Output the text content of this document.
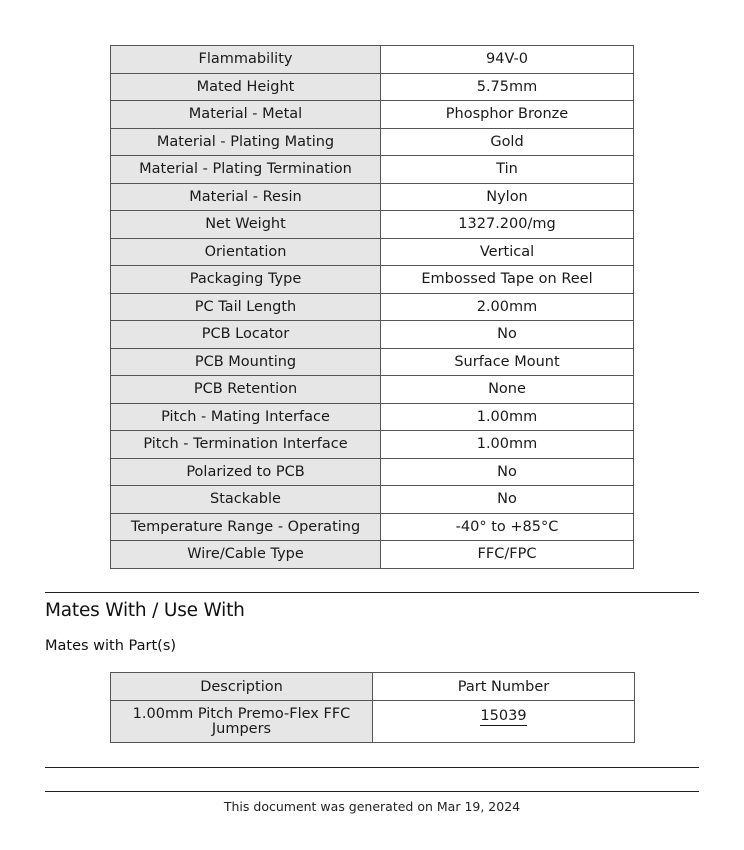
Flammability	94V-0
Mated Height	5.75mm
Material - Metal	Phosphor Bronze
Material - Plating Mating	Gold
Material - Plating Termination	Tin
Material - Resin	Nylon
Net Weight	1327.200/mg
Orientation	Vertical
Packaging Type	Embossed Tape on Reel
PC Tail Length	2.00mm
PCB Locator	No
PCB Mounting	Surface Mount
PCB Retention	None
Pitch - Mating Interface	1.00mm
Pitch - Termination Interface	1.00mm
Polarized to PCB	No
Stackable	No
Temperature Range - Operating	-40° to +85°C
Wire/Cable Type	FFC/FPC
Mates With / Use With
Mates with Part(s)
Description	Part Number
1.00mm Pitch Premo-Flex FFC Jumpers	15039
This document was generated on Mar 19, 2024
